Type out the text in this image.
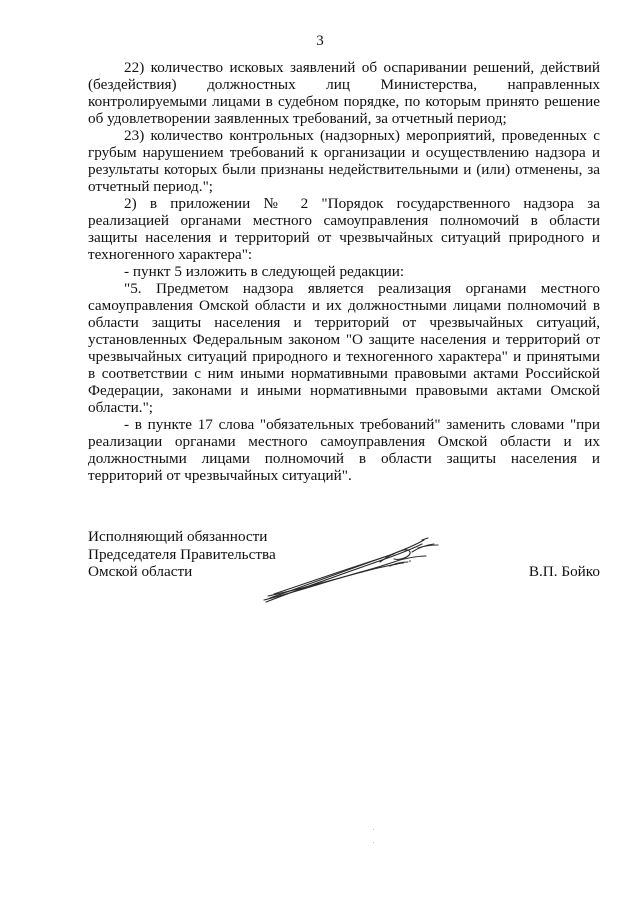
3

22) количество исковых заявлений об оспаривании решений, действий (бездействия) должностных лиц Министерства, направленных контролируемыми лицами в судебном порядке, по которым принято решение об удовлетворении заявленных требований, за отчетный период;

23) количество контрольных (надзорных) мероприятий, проведенных с грубым нарушением требований к организации и осуществлению надзора и результаты которых были признаны недействительными и (или) отменены, за отчетный период.";

2) в приложении № 2 "Порядок государственного надзора за реализацией органами местного самоуправления полномочий в области защиты населения и территорий от чрезвычайных ситуаций природного и техногенного характера":

- пункт 5 изложить в следующей редакции:

"5. Предметом надзора является реализация органами местного самоуправления Омской области и их должностными лицами полномочий в области защиты населения и территорий от чрезвычайных ситуаций, установленных Федеральным законом "О защите населения и территорий от чрезвычайных ситуаций природного и техногенного характера" и принятыми в соответствии с ним иными нормативными правовыми актами Российской Федерации, законами и иными нормативными правовыми актами Омской области.";

- в пункте 17 слова "обязательных требований" заменить словами "при реализации органами местного самоуправления Омской области и их должностными лицами полномочий в области защиты населения и территорий от чрезвычайных ситуаций".

Исполняющий обязанности
Председателя Правительства
Омской области	В.П. Бойко
